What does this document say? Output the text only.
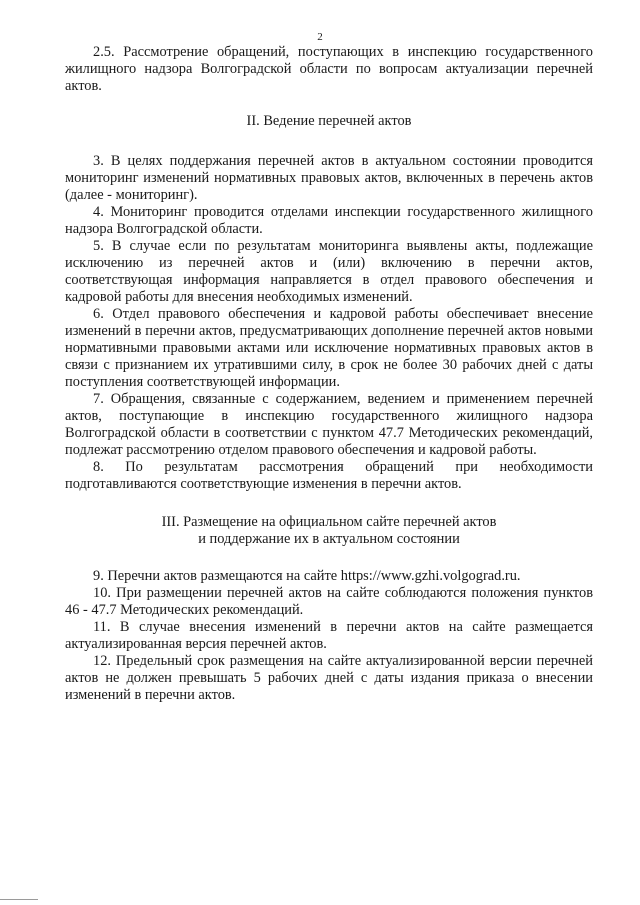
2

2.5. Рассмотрение обращений, поступающих в инспекцию государственного жилищного надзора Волгоградской области по вопросам актуализации перечней актов.

II. Ведение перечней актов

3. В целях поддержания перечней актов в актуальном состоянии проводится мониторинг изменений нормативных правовых актов, включенных в перечень актов (далее - мониторинг).

4. Мониторинг проводится отделами инспекции государственного жилищного надзора Волгоградской области.

5. В случае если по результатам мониторинга выявлены акты, подлежащие исключению из перечней актов и (или) включению в перечни актов, соответствующая информация направляется в отдел правового обеспечения и кадровой работы для внесения необходимых изменений.

6. Отдел правового обеспечения и кадровой работы обеспечивает внесение изменений в перечни актов, предусматривающих дополнение перечней актов новыми нормативными правовыми актами или исключение нормативных правовых актов в связи с признанием их утратившими силу, в срок не более 30 рабочих дней с даты поступления соответствующей информации.

7. Обращения, связанные с содержанием, ведением и применением перечней актов, поступающие в инспекцию государственного жилищного надзора Волгоградской области в соответствии с пунктом 47.7 Методических рекомендаций, подлежат рассмотрению отделом правового обеспечения и кадровой работы.

8. По результатам рассмотрения обращений при необходимости подготавливаются соответствующие изменения в перечни актов.

III. Размещение на официальном сайте перечней актов
и поддержание их в актуальном состоянии

9. Перечни актов размещаются на сайте https://www.gzhi.volgograd.ru.

10. При размещении перечней актов на сайте соблюдаются положения пунктов 46 - 47.7 Методических рекомендаций.

11. В случае внесения изменений в перечни актов на сайте размещается актуализированная версия перечней актов.

12. Предельный срок размещения на сайте актуализированной версии перечней актов не должен превышать 5 рабочих дней с даты издания приказа о внесении изменений в перечни актов.
